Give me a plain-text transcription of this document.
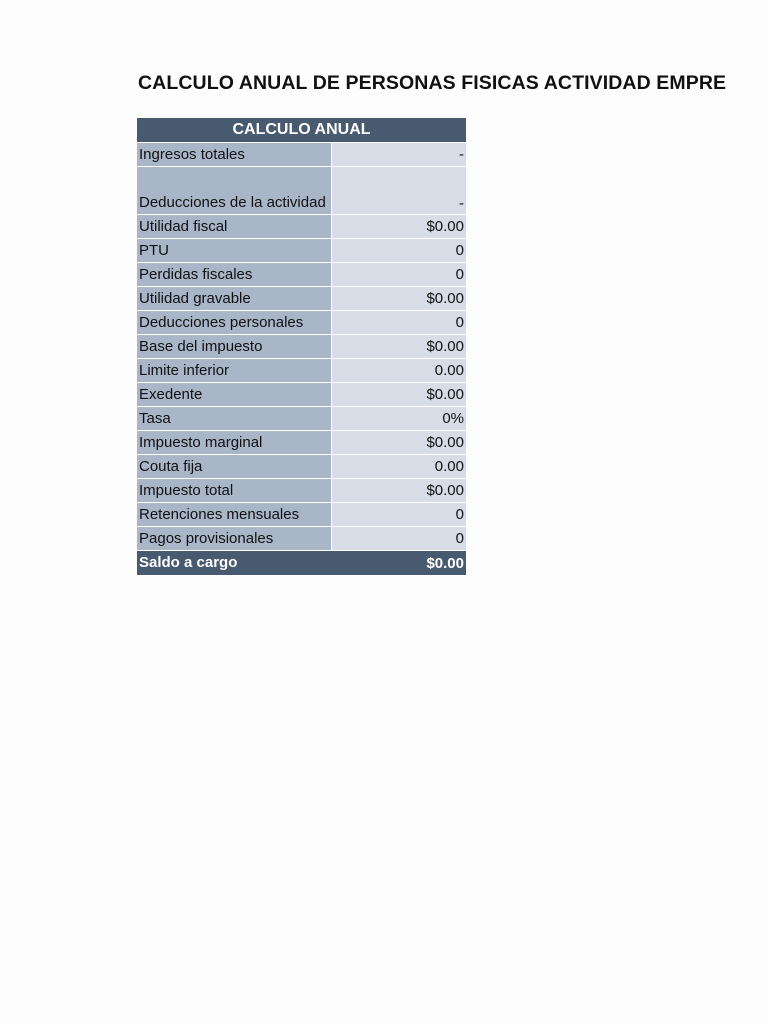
CALCULO ANUAL DE PERSONAS FISICAS ACTIVIDAD EMPRE
CALCULO ANUAL
Ingresos totales	-
Deducciones de la actividad	-
Utilidad fiscal	$0.00
PTU	0
Perdidas fiscales	0
Utilidad gravable	$0.00
Deducciones personales	0
Base del impuesto	$0.00
Limite inferior	0.00
Exedente	$0.00
Tasa	0%
Impuesto marginal	$0.00
Couta fija	0.00
Impuesto total	$0.00
Retenciones mensuales	0
Pagos provisionales	0
Saldo a cargo	$0.00
